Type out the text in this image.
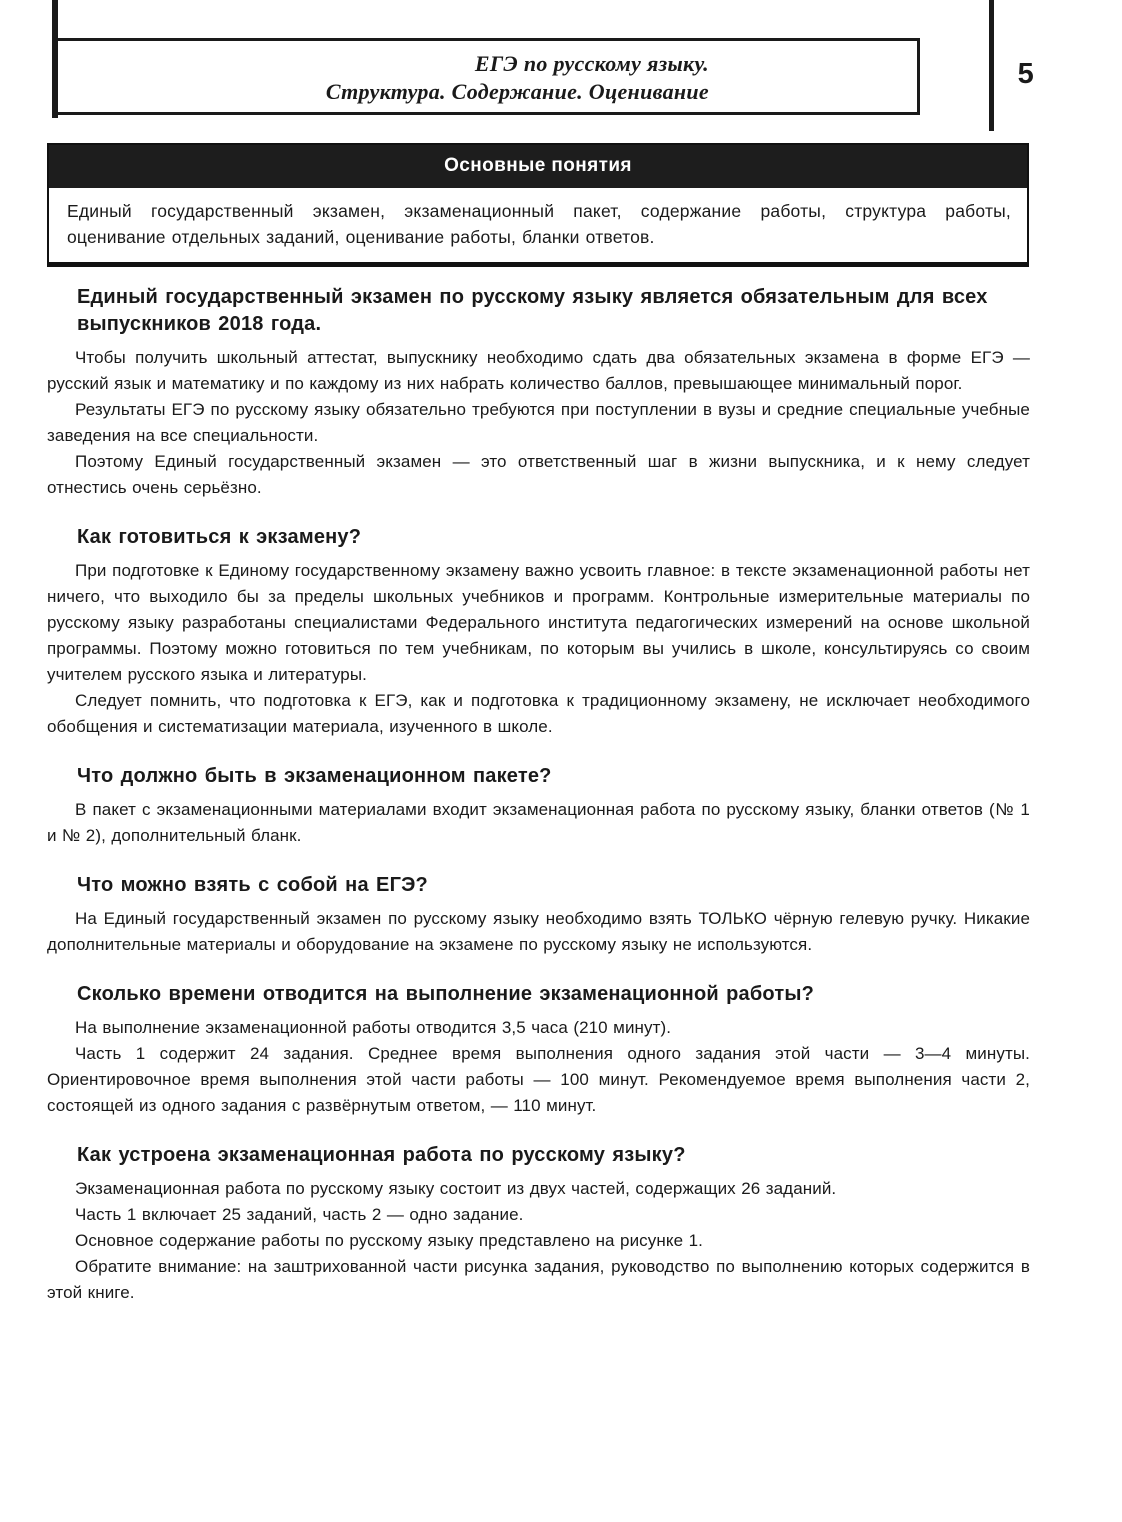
ЕГЭ по русскому языку.
Структура. Содержание. Оценивание
5
Основные понятия
Единый государственный экзамен, экзаменационный пакет, содержание работы, структура работы, оценивание отдельных заданий, оценивание работы, бланки ответов.
Единый государственный экзамен по русскому языку является обязательным для всех выпускников 2018 года.

Чтобы получить школьный аттестат, выпускнику необходимо сдать два обязательных экзамена в форме ЕГЭ — русский язык и математику и по каждому из них набрать количество баллов, превышающее минимальный порог.

Результаты ЕГЭ по русскому языку обязательно требуются при поступлении в вузы и средние специальные учебные заведения на все специальности.

Поэтому Единый государственный экзамен — это ответственный шаг в жизни выпускника, и к нему следует отнестись очень серьёзно.

Как готовиться к экзамену?

При подготовке к Единому государственному экзамену важно усвоить главное: в тексте экзаменационной работы нет ничего, что выходило бы за пределы школьных учебников и программ. Контрольные измерительные материалы по русскому языку разработаны специалистами Федерального института педагогических измерений на основе школьной программы. Поэтому можно готовиться по тем учебникам, по которым вы учились в школе, консультируясь со своим учителем русского языка и литературы.

Следует помнить, что подготовка к ЕГЭ, как и подготовка к традиционному экзамену, не исключает необходимого обобщения и систематизации материала, изученного в школе.

Что должно быть в экзаменационном пакете?

В пакет с экзаменационными материалами входит экзаменационная работа по русскому языку, бланки ответов (№ 1 и № 2), дополнительный бланк.

Что можно взять с собой на ЕГЭ?

На Единый государственный экзамен по русскому языку необходимо взять ТОЛЬКО чёрную гелевую ручку. Никакие дополнительные материалы и оборудование на экзамене по русскому языку не используются.

Сколько времени отводится на выполнение экзаменационной работы?

На выполнение экзаменационной работы отводится 3,5 часа (210 минут).

Часть 1 содержит 24 задания. Среднее время выполнения одного задания этой части — 3—4 минуты. Ориентировочное время выполнения этой части работы — 100 минут. Рекомендуемое время выполнения части 2, состоящей из одного задания с развёрнутым ответом, — 110 минут.

Как устроена экзаменационная работа по русскому языку?

Экзаменационная работа по русскому языку состоит из двух частей, содержащих 26 заданий.

Часть 1 включает 25 заданий, часть 2 — одно задание.

Основное содержание работы по русскому языку представлено на рисунке 1.

Обратите внимание: на заштрихованной части рисунка задания, руководство по выполнению которых содержится в этой книге.
